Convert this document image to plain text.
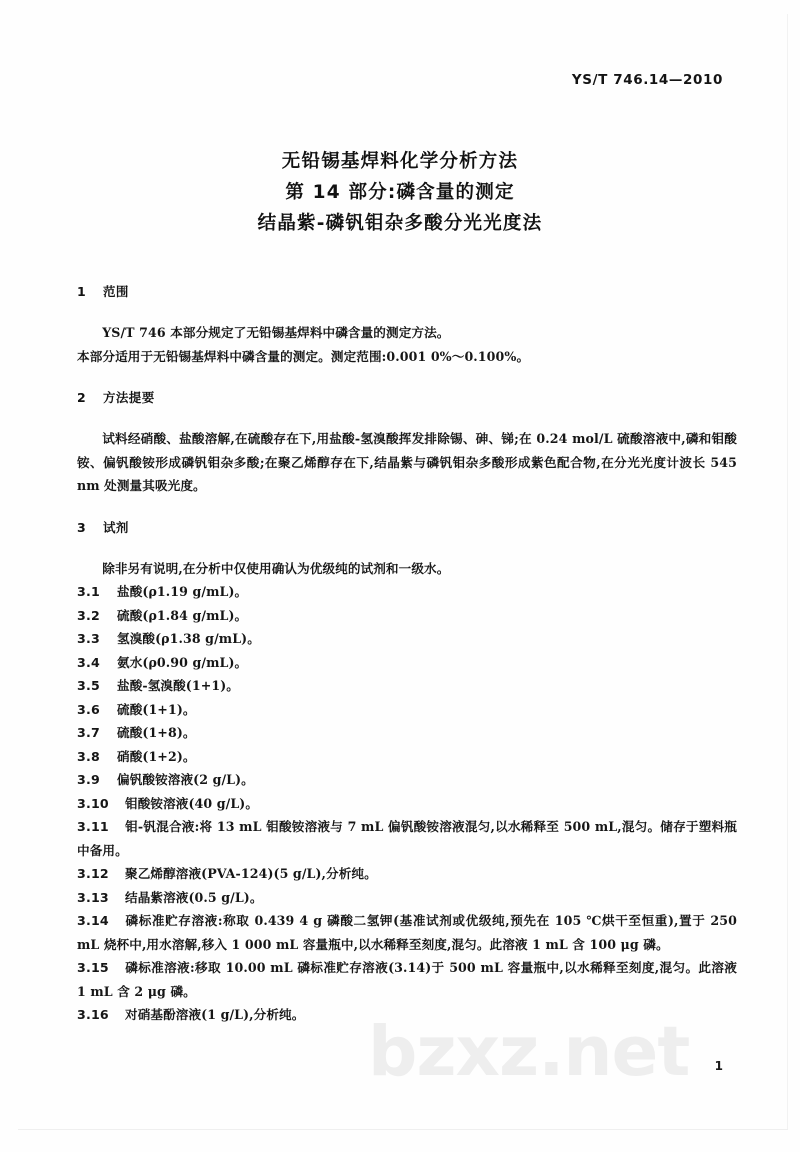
bzxz.net
YS/T 746.14—2010
无铅锡基焊料化学分析方法
第 14 部分:磷含量的测定
结晶紫-磷钒钼杂多酸分光光度法
1 范围
YS/T 746 本部分规定了无铅锡基焊料中磷含量的测定方法。
本部分适用于无铅锡基焊料中磷含量的测定。测定范围:0.001 0%～0.100%。
2 方法提要
试料经硝酸、盐酸溶解,在硫酸存在下,用盐酸-氢溴酸挥发排除锡、砷、锑;在 0.24 mol/L 硫酸溶液中,磷和钼酸铵、偏钒酸铵形成磷钒钼杂多酸;在聚乙烯醇存在下,结晶紫与磷钒钼杂多酸形成紫色配合物,在分光光度计波长 545 nm 处测量其吸光度。
3 试剂
除非另有说明,在分析中仅使用确认为优级纯的试剂和一级水。
3.1 盐酸(ρ1.19 g/mL)。
3.2 硫酸(ρ1.84 g/mL)。
3.3 氢溴酸(ρ1.38 g/mL)。
3.4 氨水(ρ0.90 g/mL)。
3.5 盐酸-氢溴酸(1+1)。
3.6 硫酸(1+1)。
3.7 硫酸(1+8)。
3.8 硝酸(1+2)。
3.9 偏钒酸铵溶液(2 g/L)。
3.10 钼酸铵溶液(40 g/L)。
3.11 钼-钒混合液:将 13 mL 钼酸铵溶液与 7 mL 偏钒酸铵溶液混匀,以水稀释至 500 mL,混匀。储存于塑料瓶中备用。
3.12 聚乙烯醇溶液(PVA-124)(5 g/L),分析纯。
3.13 结晶紫溶液(0.5 g/L)。
3.14 磷标准贮存溶液:称取 0.439 4 g 磷酸二氢钾(基准试剂或优级纯,预先在 105 ℃烘干至恒重),置于 250 mL 烧杯中,用水溶解,移入 1 000 mL 容量瓶中,以水稀释至刻度,混匀。此溶液 1 mL 含 100 μg 磷。
3.15 磷标准溶液:移取 10.00 mL 磷标准贮存溶液(3.14)于 500 mL 容量瓶中,以水稀释至刻度,混匀。此溶液 1 mL 含 2 μg 磷。
3.16 对硝基酚溶液(1 g/L),分析纯。
1
